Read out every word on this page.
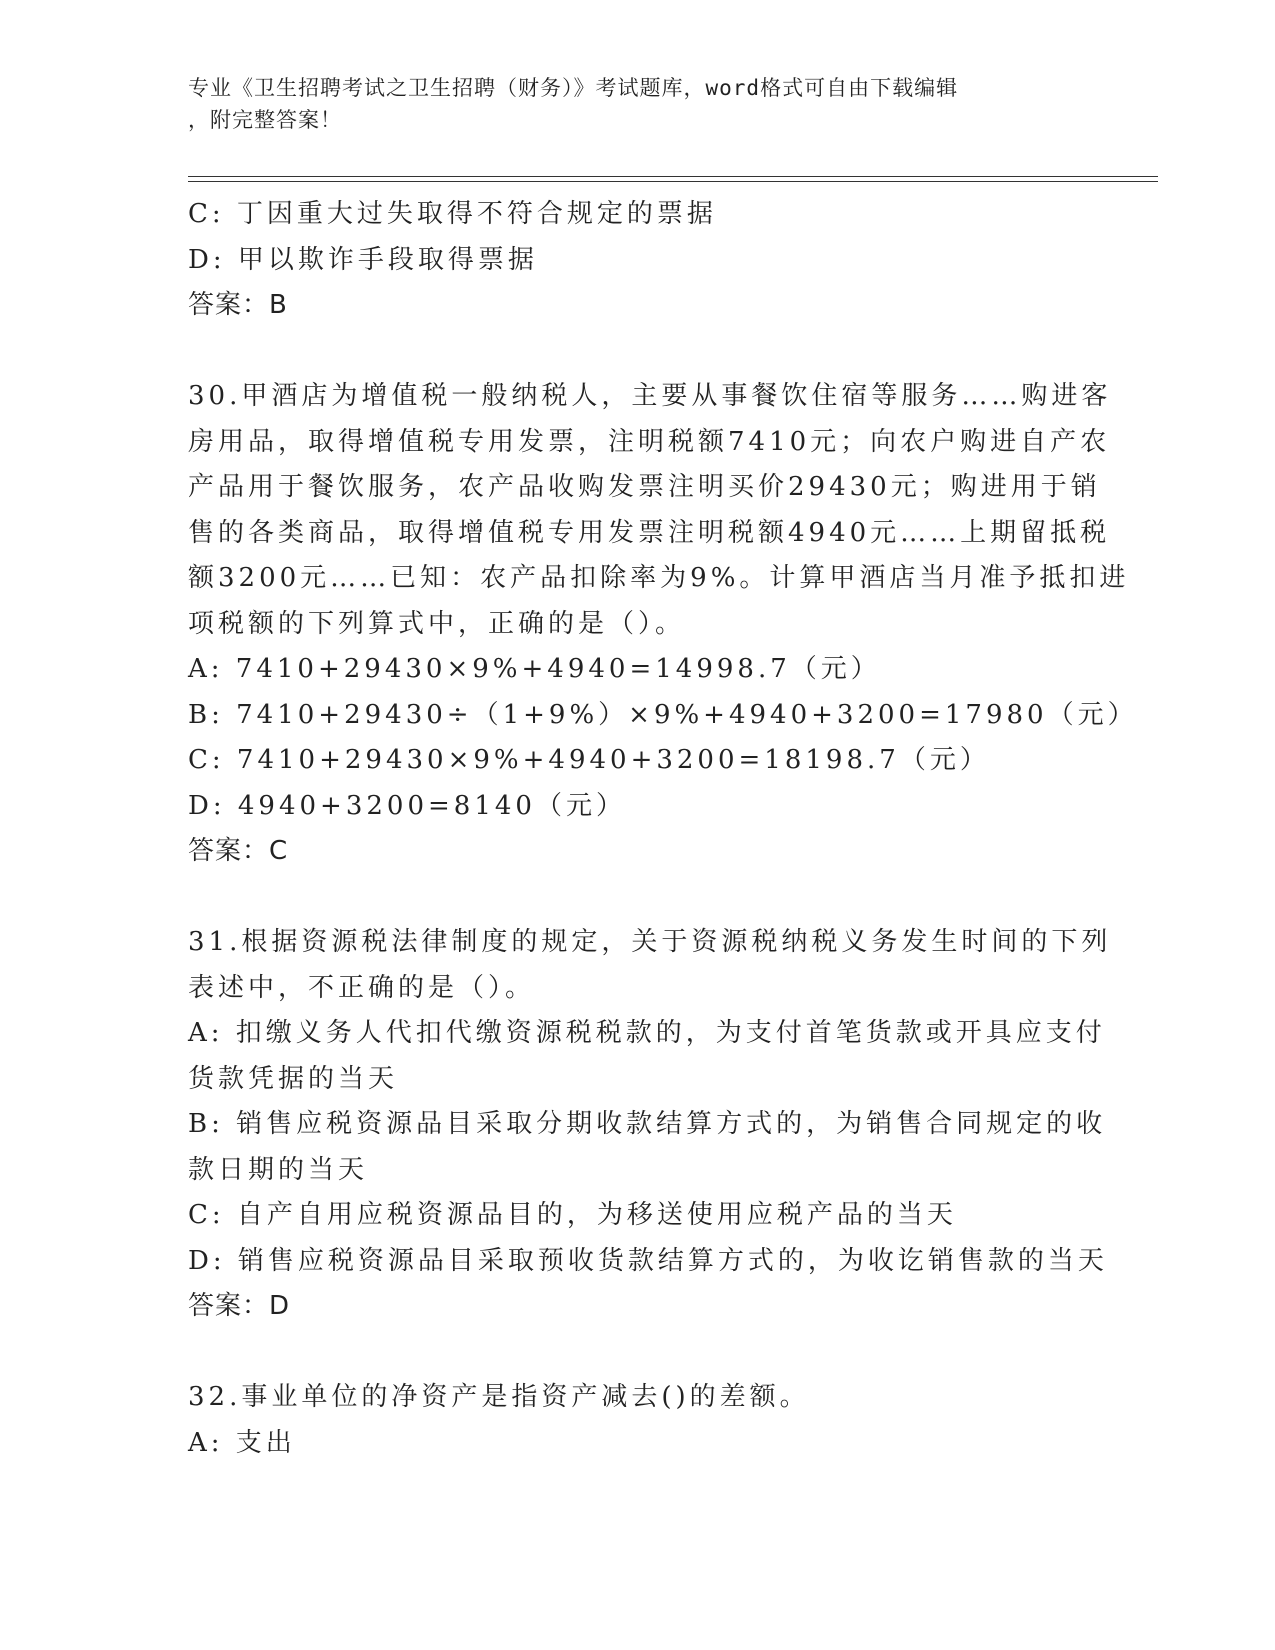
专业《卫生招聘考试之卫生招聘（财务）》考试题库，word格式可自由下载编辑
，附完整答案！

C: 丁因重大过失取得不符合规定的票据

D: 甲以欺诈手段取得票据

答案：B

30.甲酒店为增值税一般纳税人，主要从事餐饮住宿等服务……购进客

房用品，取得增值税专用发票，注明税额7410元；向农户购进自产农

产品用于餐饮服务，农产品收购发票注明买价29430元；购进用于销

售的各类商品，取得增值税专用发票注明税额4940元……上期留抵税

额3200元……已知：农产品扣除率为9%。计算甲酒店当月准予抵扣进

项税额的下列算式中，正确的是（）。

A: 7410+29430×9%+4940=14998.7（元）

B: 7410+29430÷（1+9%）×9%+4940+3200=17980（元）

C: 7410+29430×9%+4940+3200=18198.7（元）

D: 4940+3200=8140（元）

答案：C

31.根据资源税法律制度的规定，关于资源税纳税义务发生时间的下列

表述中，不正确的是（）。

A: 扣缴义务人代扣代缴资源税税款的，为支付首笔货款或开具应支付

货款凭据的当天

B: 销售应税资源品目采取分期收款结算方式的，为销售合同规定的收

款日期的当天

C: 自产自用应税资源品目的，为移送使用应税产品的当天

D: 销售应税资源品目采取预收货款结算方式的，为收讫销售款的当天

答案：D

32.事业单位的净资产是指资产减去()的差额。

A: 支出
